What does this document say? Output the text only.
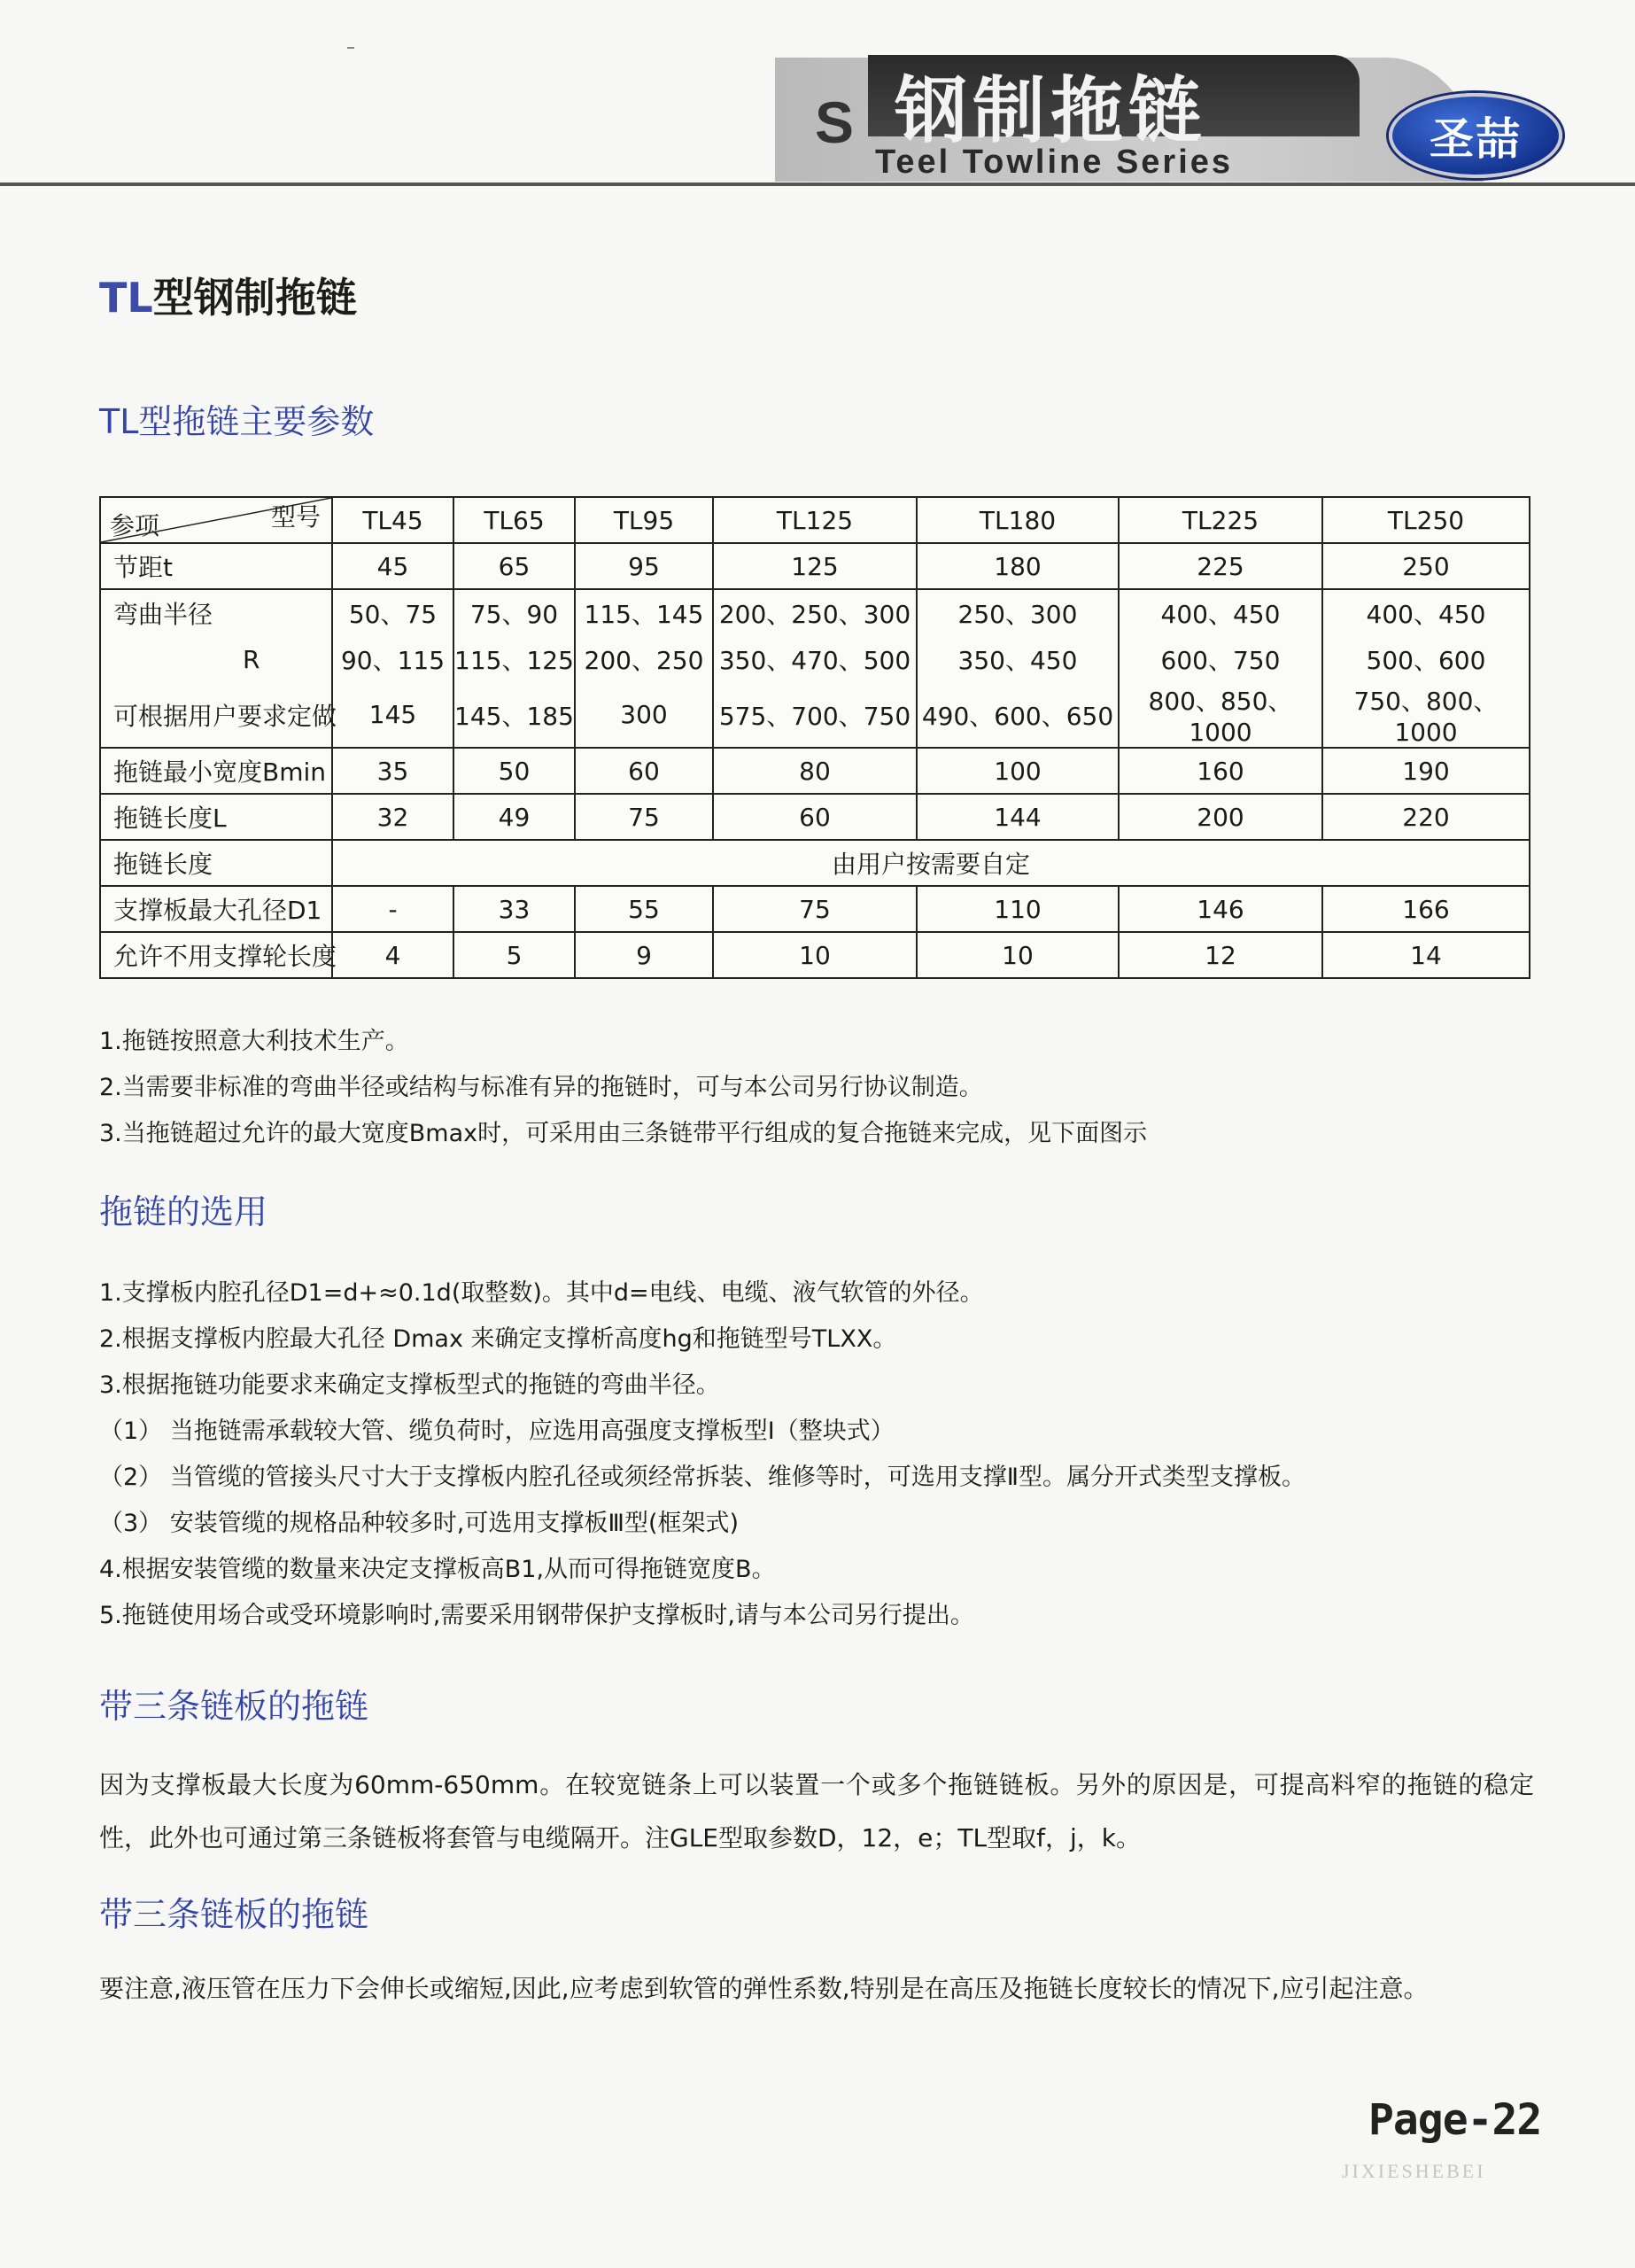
S 钢制拖链
Teel Towline Series	圣喆
TL型钢制拖链
TL型拖链主要参数
型号
参项	TL45	TL65	TL95	TL125	TL180	TL225	TL250
节距t	45	65	95	125	180	225	250
弯曲半径	50、75	75、90	115、145	200、250、300	250、300	400、450	400、450
R	90、115	115、125	200、250	350、470、500	350、450	600、750	500、600
可根据用户要求定做	145	145、185	300	575、700、750	490、600、650	800、850、1000	750、800、1000
拖链最小宽度Bmin	35	50	60	80	100	160	190
拖链长度L	32	49	75	60	144	200	220
拖链长度	由用户按需要自定						
支撑板最大孔径D1	-	33	55	75	110	146	166
允许不用支撑轮长度	4	5	9	10	10	12	14
1.拖链按照意大利技术生产。
2.当需要非标准的弯曲半径或结构与标准有异的拖链时，可与本公司另行协议制造。
3.当拖链超过允许的最大宽度Bmax时，可采用由三条链带平行组成的复合拖链来完成，见下面图示
拖链的选用
1.支撑板内腔孔径D1=d+≈0.1d(取整数)。其中d=电线、电缆、液气软管的外径。
2.根据支撑板内腔最大孔径 Dmax 来确定支撑析高度hg和拖链型号TLXX。
3.根据拖链功能要求来确定支撑板型式的拖链的弯曲半径。
（1） 当拖链需承载较大管、缆负荷时，应选用高强度支撑板型Ⅰ（整块式）
（2） 当管缆的管接头尺寸大于支撑板内腔孔径或须经常拆装、维修等时，可选用支撑Ⅱ型。属分开式类型支撑板。
（3） 安装管缆的规格品种较多时,可选用支撑板Ⅲ型(框架式)
4.根据安装管缆的数量来决定支撑板高B1,从而可得拖链宽度B。
5.拖链使用场合或受环境影响时,需要采用钢带保护支撑板时,请与本公司另行提出。
带三条链板的拖链
因为支撑板最大长度为60mm-650mm。在较宽链条上可以装置一个或多个拖链链板。另外的原因是，可提高料窄的拖链的稳定性，此外也可通过第三条链板将套管与电缆隔开。注GLE型取参数D，12，e；TL型取f，j，k。
带三条链板的拖链
要注意,液压管在压力下会伸长或缩短,因此,应考虑到软管的弹性系数,特别是在高压及拖链长度较长的情况下,应引起注意。
Page-22
JIXIESHEBEI
